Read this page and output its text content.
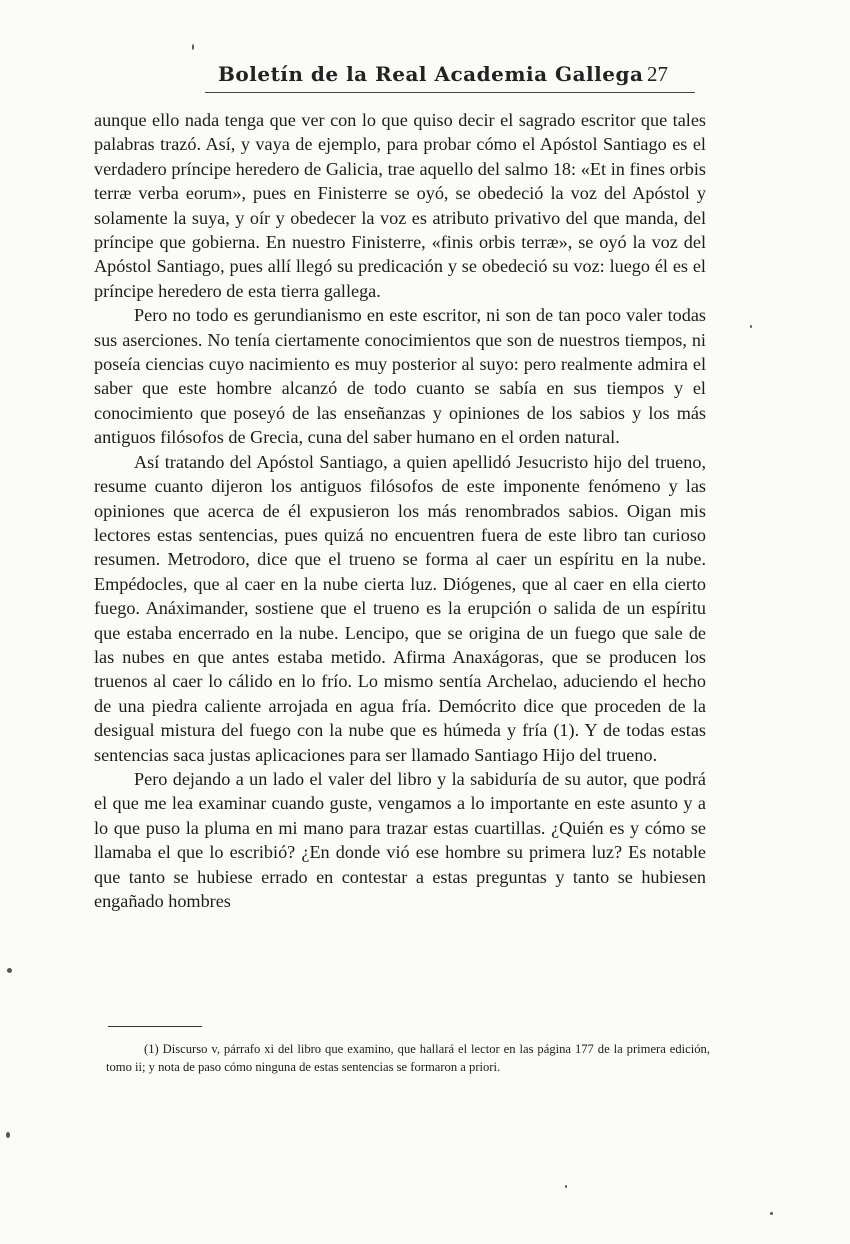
Boletín de la Real Academia Gallega 27

aunque ello nada tenga que ver con lo que quiso decir el sagrado escritor que tales palabras trazó. Así, y vaya de ejemplo, para probar cómo el Apóstol Santiago es el verdadero príncipe heredero de Galicia, trae aquello del salmo 18: «Et in fines orbis terræ verba eorum», pues en Finisterre se oyó, se obedeció la voz del Apóstol y solamente la suya, y oír y obedecer la voz es atributo privativo del que manda, del príncipe que gobierna. En nuestro Finisterre, «finis orbis terræ», se oyó la voz del Apóstol Santiago, pues allí llegó su predicación y se obedeció su voz: luego él es el príncipe heredero de esta tierra gallega.

Pero no todo es gerundianismo en este escritor, ni son de tan poco valer todas sus aserciones. No tenía ciertamente conocimientos que son de nuestros tiempos, ni poseía ciencias cuyo nacimiento es muy posterior al suyo: pero realmente admira el saber que este hombre alcanzó de todo cuanto se sabía en sus tiempos y el conocimiento que poseyó de las enseñanzas y opiniones de los sabios y los más antiguos filósofos de Grecia, cuna del saber humano en el orden natural.

Así tratando del Apóstol Santiago, a quien apellidó Jesucristo hijo del trueno, resume cuanto dijeron los antiguos filósofos de este imponente fenómeno y las opiniones que acerca de él expusieron los más renombrados sabios. Oigan mis lectores estas sentencias, pues quizá no encuentren fuera de este libro tan curioso resumen. Metrodoro, dice que el trueno se forma al caer un espíritu en la nube. Empédocles, que al caer en la nube cierta luz. Diógenes, que al caer en ella cierto fuego. Anáximander, sostiene que el trueno es la erupción o salida de un espíritu que estaba encerrado en la nube. Lencipo, que se origina de un fuego que sale de las nubes en que antes estaba metido. Afirma Anaxágoras, que se producen los truenos al caer lo cálido en lo frío. Lo mismo sentía Archelao, aduciendo el hecho de una piedra caliente arrojada en agua fría. Demócrito dice que proceden de la desigual mistura del fuego con la nube que es húmeda y fría (1). Y de todas estas sentencias saca justas aplicaciones para ser llamado Santiago Hijo del trueno.

Pero dejando a un lado el valer del libro y la sabiduría de su autor, que podrá el que me lea examinar cuando guste, vengamos a lo importante en este asunto y a lo que puso la pluma en mi mano para trazar estas cuartillas. ¿Quién es y cómo se llamaba el que lo escribió? ¿En donde vió ese hombre su primera luz? Es notable que tanto se hubiese errado en contestar a estas preguntas y tanto se hubiesen engañado hombres

(1) Discurso v, párrafo xi del libro que examino, que hallará el lector en las página 177 de la primera edición, tomo ii; y nota de paso cómo ninguna de estas sentencias se formaron a priori.
